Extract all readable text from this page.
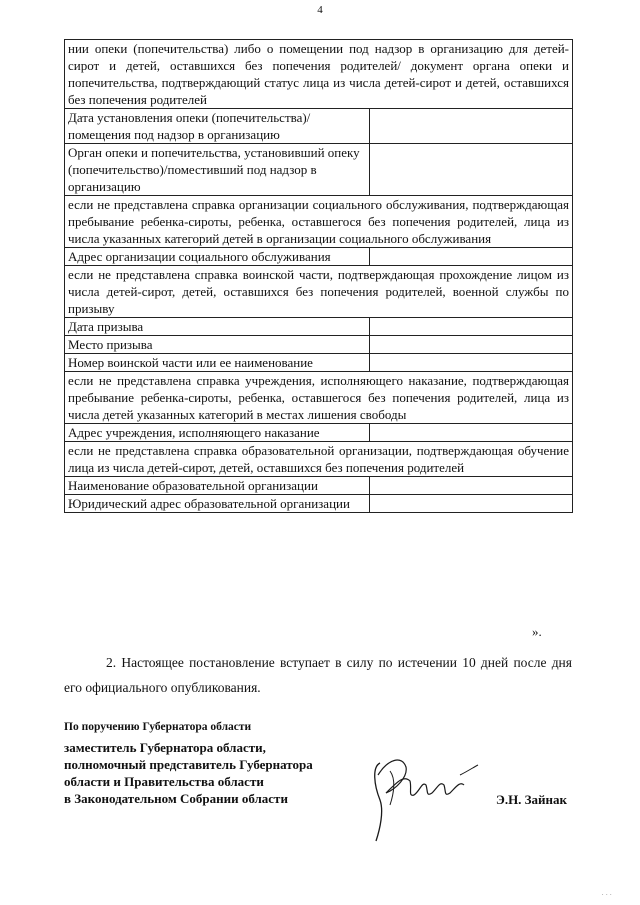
4
нии опеки (попечительства) либо о помещении под надзор в организацию для детей-сирот и детей, оставшихся без попечения родителей/ документ органа опеки и попечительства, подтверждающий статус лица из числа детей-сирот и детей, оставшихся без попечения родителей	
Дата установления опеки (попечительства)/помещения под надзор в организацию	
Орган опеки и попечительства, установивший опеку (попечительство)/поместивший под надзор в организацию	
если не представлена справка организации социального обслуживания, подтверждающая пребывание ребенка-сироты, ребенка, оставшегося без попечения родителей, лица из числа указанных категорий детей в организации социального обслуживания	
Адрес организации социального обслуживания	
если не представлена справка воинской части, подтверждающая прохождение лицом из числа детей-сирот, детей, оставшихся без попечения родителей, военной службы по призыву	
Дата призыва	
Место призыва	
Номер воинской части или ее наименование	
если не представлена справка учреждения, исполняющего наказание, подтверждающая пребывание ребенка-сироты, ребенка, оставшегося без попечения родителей, лица из числа детей указанных категорий в местах лишения свободы	
Адрес учреждения, исполняющего наказание	
если не представлена справка образовательной организации, подтверждающая обучение лица из числа детей-сирот, детей, оставшихся без попечения родителей	
Наименование образовательной организации	
Юридический адрес образовательной организации	
».
2. Настоящее постановление вступает в силу по истечении 10 дней после дня его официального опубликования.
По поручению Губернатора области
заместитель Губернатора области,
полномочный представитель Губернатора
области и Правительства области
в Законодательном Собрании области	Э.Н. Зайнак
· · ·
